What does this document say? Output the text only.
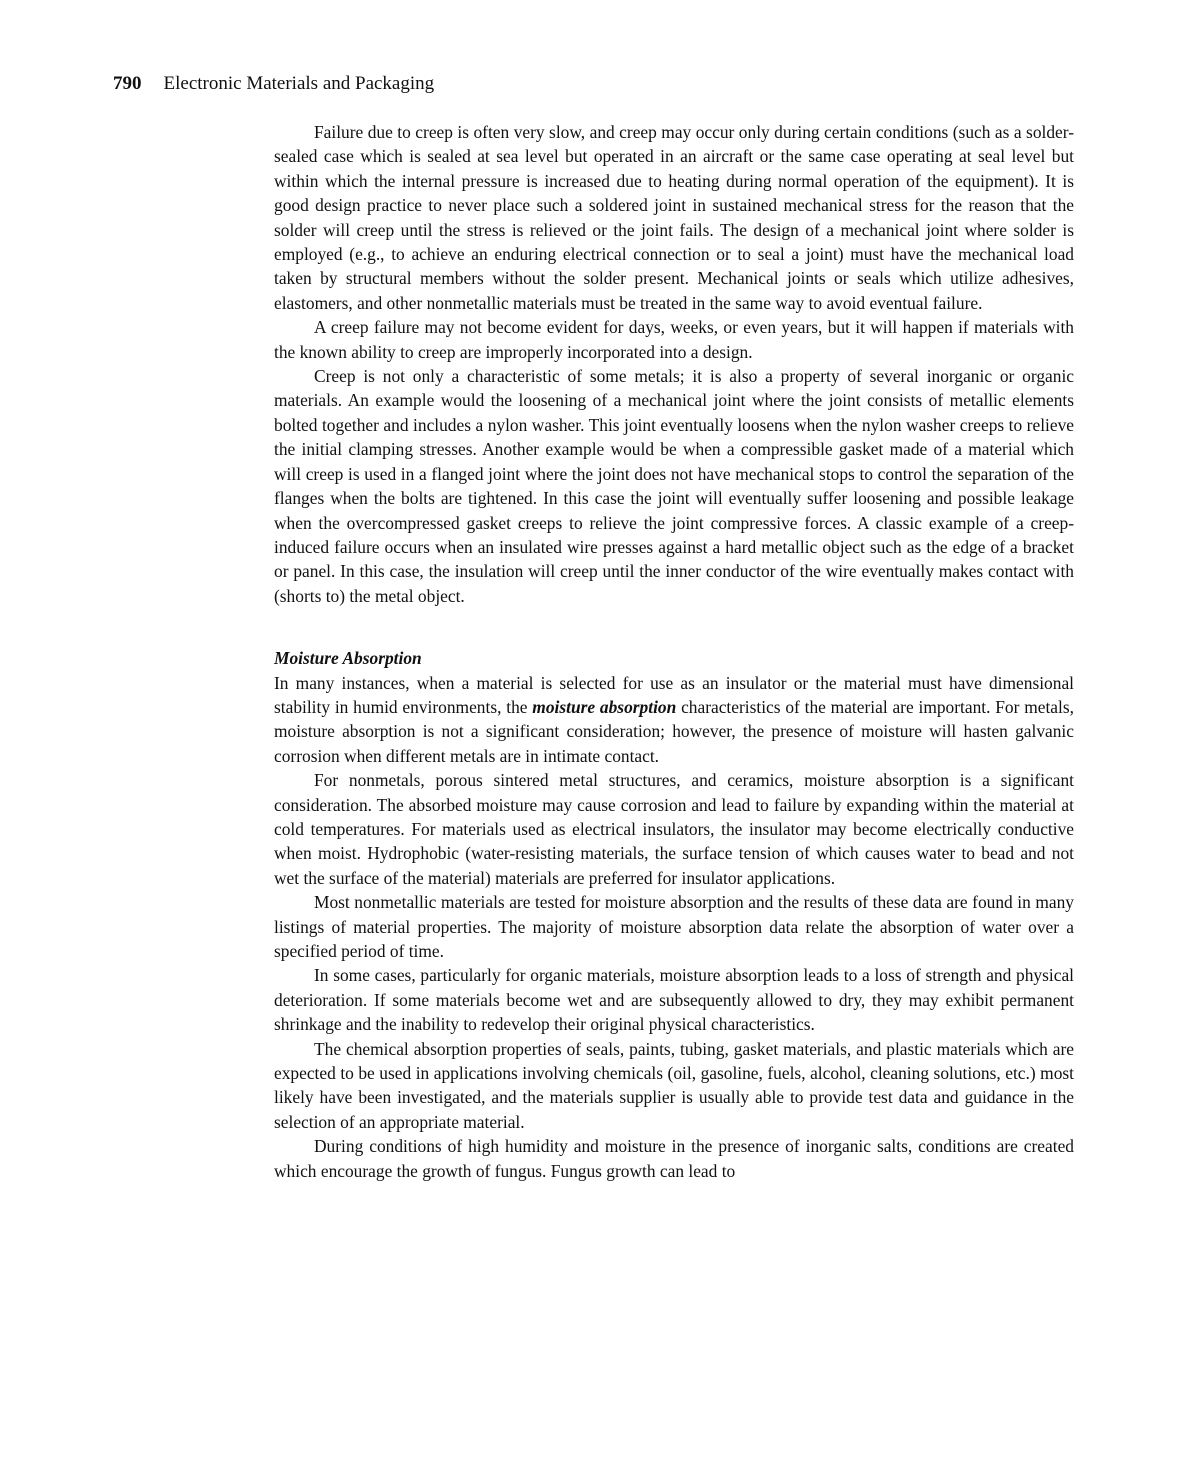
790 Electronic Materials and Packaging

Failure due to creep is often very slow, and creep may occur only during certain conditions (such as a solder-sealed case which is sealed at sea level but operated in an aircraft or the same case operating at seal level but within which the internal pressure is increased due to heating during normal operation of the equipment). It is good design practice to never place such a soldered joint in sustained mechanical stress for the reason that the solder will creep until the stress is relieved or the joint fails. The design of a mechanical joint where solder is employed (e.g., to achieve an enduring electrical connection or to seal a joint) must have the mechanical load taken by structural members without the solder present. Mechanical joints or seals which utilize adhesives, elastomers, and other nonmetallic materials must be treated in the same way to avoid eventual failure.

A creep failure may not become evident for days, weeks, or even years, but it will happen if materials with the known ability to creep are improperly incorporated into a design.

Creep is not only a characteristic of some metals; it is also a property of several inorganic or organic materials. An example would the loosening of a mechanical joint where the joint consists of metallic elements bolted together and includes a nylon washer. This joint eventually loosens when the nylon washer creeps to relieve the initial clamping stresses. Another example would be when a compressible gasket made of a material which will creep is used in a flanged joint where the joint does not have mechanical stops to control the separation of the flanges when the bolts are tightened. In this case the joint will eventually suffer loosening and possible leakage when the overcompressed gasket creeps to relieve the joint compressive forces. A classic example of a creep-induced failure occurs when an insulated wire presses against a hard metallic object such as the edge of a bracket or panel. In this case, the insulation will creep until the inner conductor of the wire eventually makes contact with (shorts to) the metal object.

Moisture Absorption

In many instances, when a material is selected for use as an insulator or the material must have dimensional stability in humid environments, the moisture absorption characteristics of the material are important. For metals, moisture absorption is not a significant consideration; however, the presence of moisture will hasten galvanic corrosion when different metals are in intimate contact.

For nonmetals, porous sintered metal structures, and ceramics, moisture absorption is a significant consideration. The absorbed moisture may cause corrosion and lead to failure by expanding within the material at cold temperatures. For materials used as electrical insulators, the insulator may become electrically conductive when moist. Hydrophobic (water-resisting materials, the surface tension of which causes water to bead and not wet the surface of the material) materials are preferred for insulator applications.

Most nonmetallic materials are tested for moisture absorption and the results of these data are found in many listings of material properties. The majority of moisture absorption data relate the absorption of water over a specified period of time.

In some cases, particularly for organic materials, moisture absorption leads to a loss of strength and physical deterioration. If some materials become wet and are subsequently allowed to dry, they may exhibit permanent shrinkage and the inability to redevelop their original physical characteristics.

The chemical absorption properties of seals, paints, tubing, gasket materials, and plastic materials which are expected to be used in applications involving chemicals (oil, gasoline, fuels, alcohol, cleaning solutions, etc.) most likely have been investigated, and the materials supplier is usually able to provide test data and guidance in the selection of an appropriate material.

During conditions of high humidity and moisture in the presence of inorganic salts, conditions are created which encourage the growth of fungus. Fungus growth can lead to
